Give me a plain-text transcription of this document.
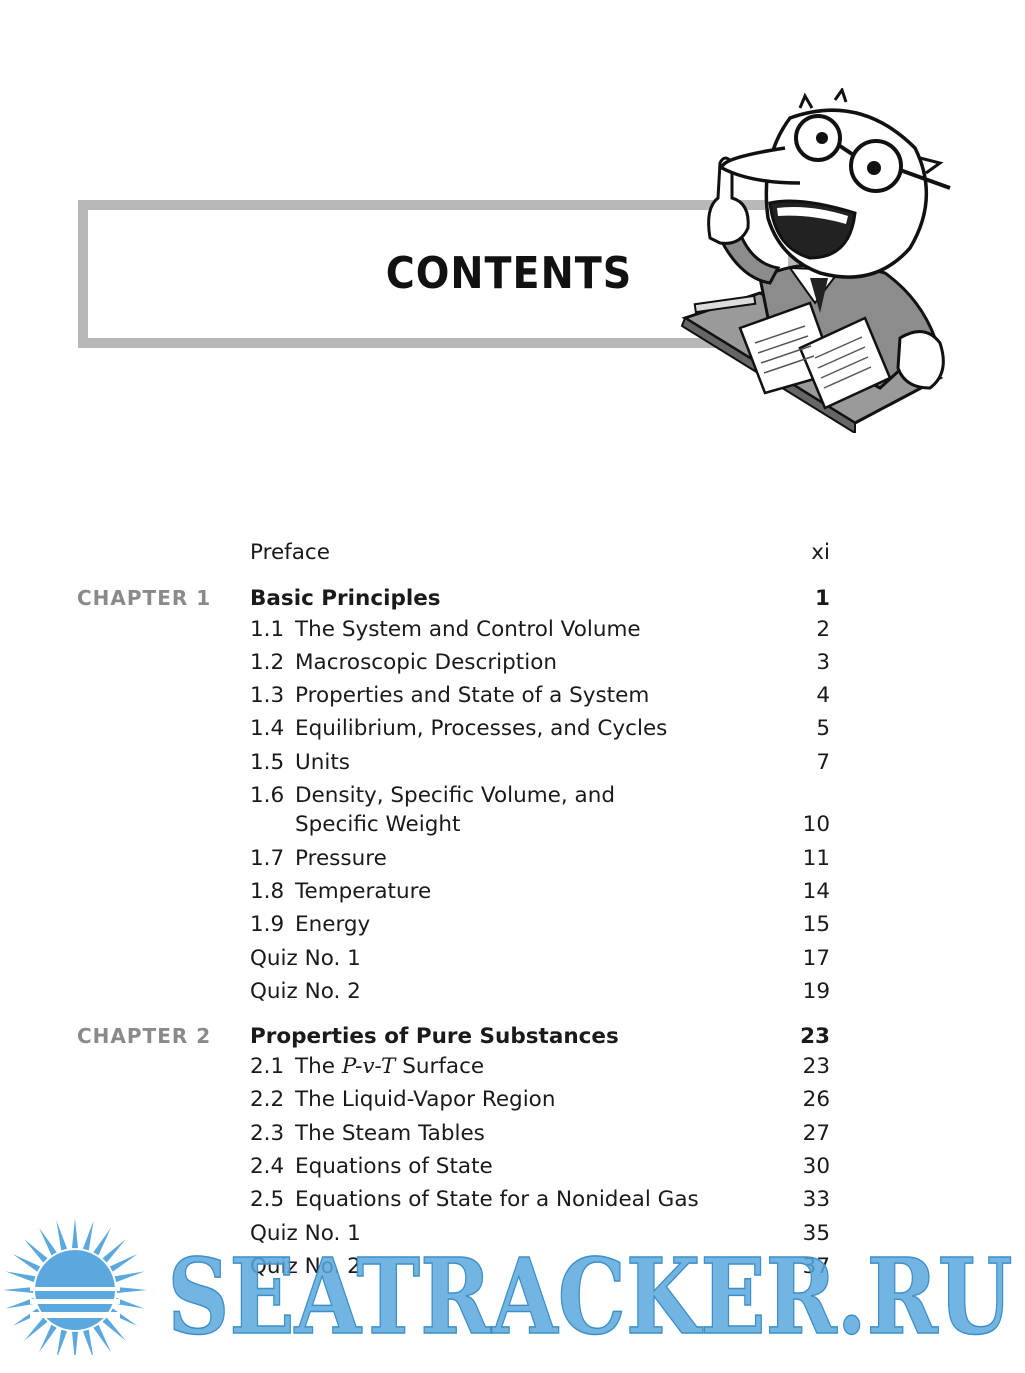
CONTENTS
Preface	xi
CHAPTER 1 Basic Principles	1
1.1 The System and Control Volume	2
1.2 Macroscopic Description	3
1.3 Properties and State of a System	4
1.4 Equilibrium, Processes, and Cycles	5
1.5 Units	7
1.6 Density, Specific Volume, and
Specific Weight	10
1.7 Pressure	11
1.8 Temperature	14
1.9 Energy	15
Quiz No. 1	17
Quiz No. 2	19
CHAPTER 2 Properties of Pure Substances	23
2.1 The P-v-T Surface	23
2.2 The Liquid-Vapor Region	26
2.3 The Steam Tables	27
2.4 Equations of State	30
2.5 Equations of State for a Nonideal Gas	33
Quiz No. 1	35
Quiz No. 2	37
SEATRACKER.RU
